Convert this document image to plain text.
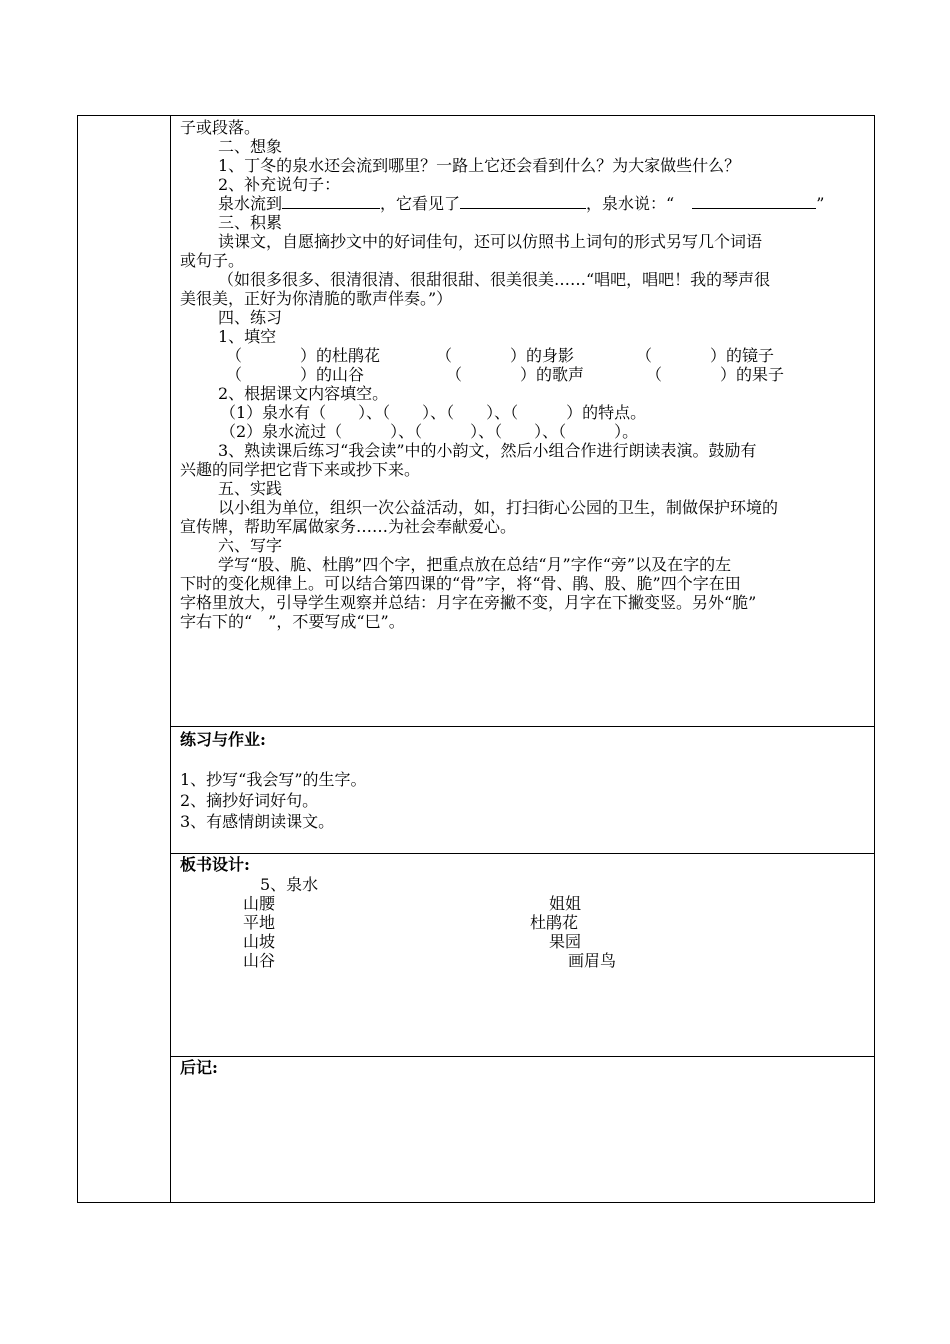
子或段落。
二、想象
1、丁冬的泉水还会流到哪里？一路上它还会看到什么？为大家做些什么？
2、补充说句子：
泉水流到	，它看见了	，泉水说：“	”
三、积累
读课文，自愿摘抄文中的好词佳句，还可以仿照书上词句的形式另写几个词语
或句子。
（如很多很多、很清很清、很甜很甜、很美很美……“唱吧，唱吧！我的琴声很
美很美，正好为你清脆的歌声伴奏。”）
四、练习
1、填空
（	）的杜鹃花	（	）的身影	（	）的镜子
（	）的山谷	（	）的歌声	（	）的果子
2、根据课文内容填空。
（1）泉水有（　　）、（　　）、（　　）、（　　　）的特点。
（2）泉水流过（　　　）、（　　　）、（　　）、（　　　）。
3、熟读课后练习“我会读”中的小韵文，然后小组合作进行朗读表演。鼓励有
兴趣的同学把它背下来或抄下来。
五、实践
以小组为单位，组织一次公益活动，如，打扫街心公园的卫生，制做保护环境的
宣传牌，帮助军属做家务……为社会奉献爱心。
六、写字
学写“股、脆、杜鹃”四个字，把重点放在总结“月”字作“旁”以及在字的左
下时的变化规律上。可以结合第四课的“骨”字，将“骨、鹃、股、脆”四个字在田
字格里放大，引导学生观察并总结：月字在旁撇不变，月字在下撇变竖。另外“脆”
字右下的“　”，不要写成“巳”。
练习与作业:
1、抄写“我会写”的生字。
2、摘抄好词好句。
3、有感情朗读课文。
板书设计:
5、泉水
山腰
平地
山坡
山谷
姐姐
杜鹃花
果园
画眉鸟
后记:
